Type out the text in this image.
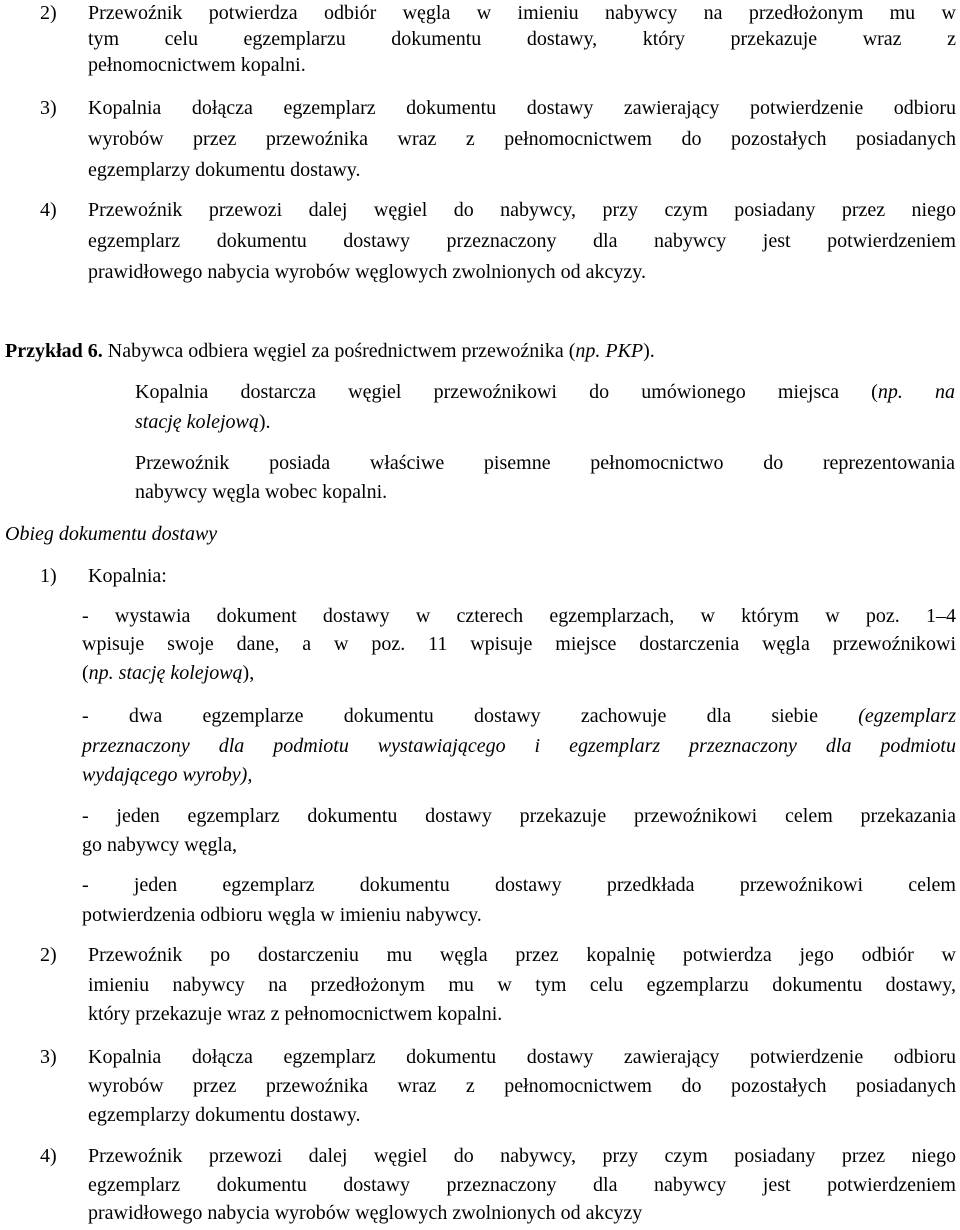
2) Przewoźnik potwierdza odbiór węgla w imieniu nabywcy na przedłożonym mu w
tym celu egzemplarzu dokumentu dostawy, który przekazuje wraz z
pełnomocnictwem kopalni.
3) Kopalnia dołącza egzemplarz dokumentu dostawy zawierający potwierdzenie odbioru
wyrobów przez przewoźnika wraz z pełnomocnictwem do pozostałych posiadanych
egzemplarzy dokumentu dostawy.
4) Przewoźnik przewozi dalej węgiel do nabywcy, przy czym posiadany przez niego
egzemplarz dokumentu dostawy przeznaczony dla nabywcy jest potwierdzeniem
prawidłowego nabycia wyrobów węglowych zwolnionych od akcyzy.
Przykład 6. Nabywca odbiera węgiel za pośrednictwem przewoźnika (np. PKP).
Kopalnia dostarcza węgiel przewoźnikowi do umówionego miejsca (np. na
stację kolejową).
Przewoźnik posiada właściwe pisemne pełnomocnictwo do reprezentowania
nabywcy węgla wobec kopalni.
Obieg dokumentu dostawy
1) Kopalnia:
- wystawia dokument dostawy w czterech egzemplarzach, w którym w poz. 1–4
wpisuje swoje dane, a w poz. 11 wpisuje miejsce dostarczenia węgla przewoźnikowi
(np. stację kolejową),
- dwa egzemplarze dokumentu dostawy zachowuje dla siebie (egzemplarz
przeznaczony dla podmiotu wystawiającego i egzemplarz przeznaczony dla podmiotu
wydającego wyroby),
- jeden egzemplarz dokumentu dostawy przekazuje przewoźnikowi celem przekazania
go nabywcy węgla,
- jeden egzemplarz dokumentu dostawy przedkłada przewoźnikowi celem
potwierdzenia odbioru węgla w imieniu nabywcy.
2) Przewoźnik po dostarczeniu mu węgla przez kopalnię potwierdza jego odbiór w
imieniu nabywcy na przedłożonym mu w tym celu egzemplarzu dokumentu dostawy,
który przekazuje wraz z pełnomocnictwem kopalni.
3) Kopalnia dołącza egzemplarz dokumentu dostawy zawierający potwierdzenie odbioru
wyrobów przez przewoźnika wraz z pełnomocnictwem do pozostałych posiadanych
egzemplarzy dokumentu dostawy.
4) Przewoźnik przewozi dalej węgiel do nabywcy, przy czym posiadany przez niego
egzemplarz dokumentu dostawy przeznaczony dla nabywcy jest potwierdzeniem
prawidłowego nabycia wyrobów węglowych zwolnionych od akcyzy
